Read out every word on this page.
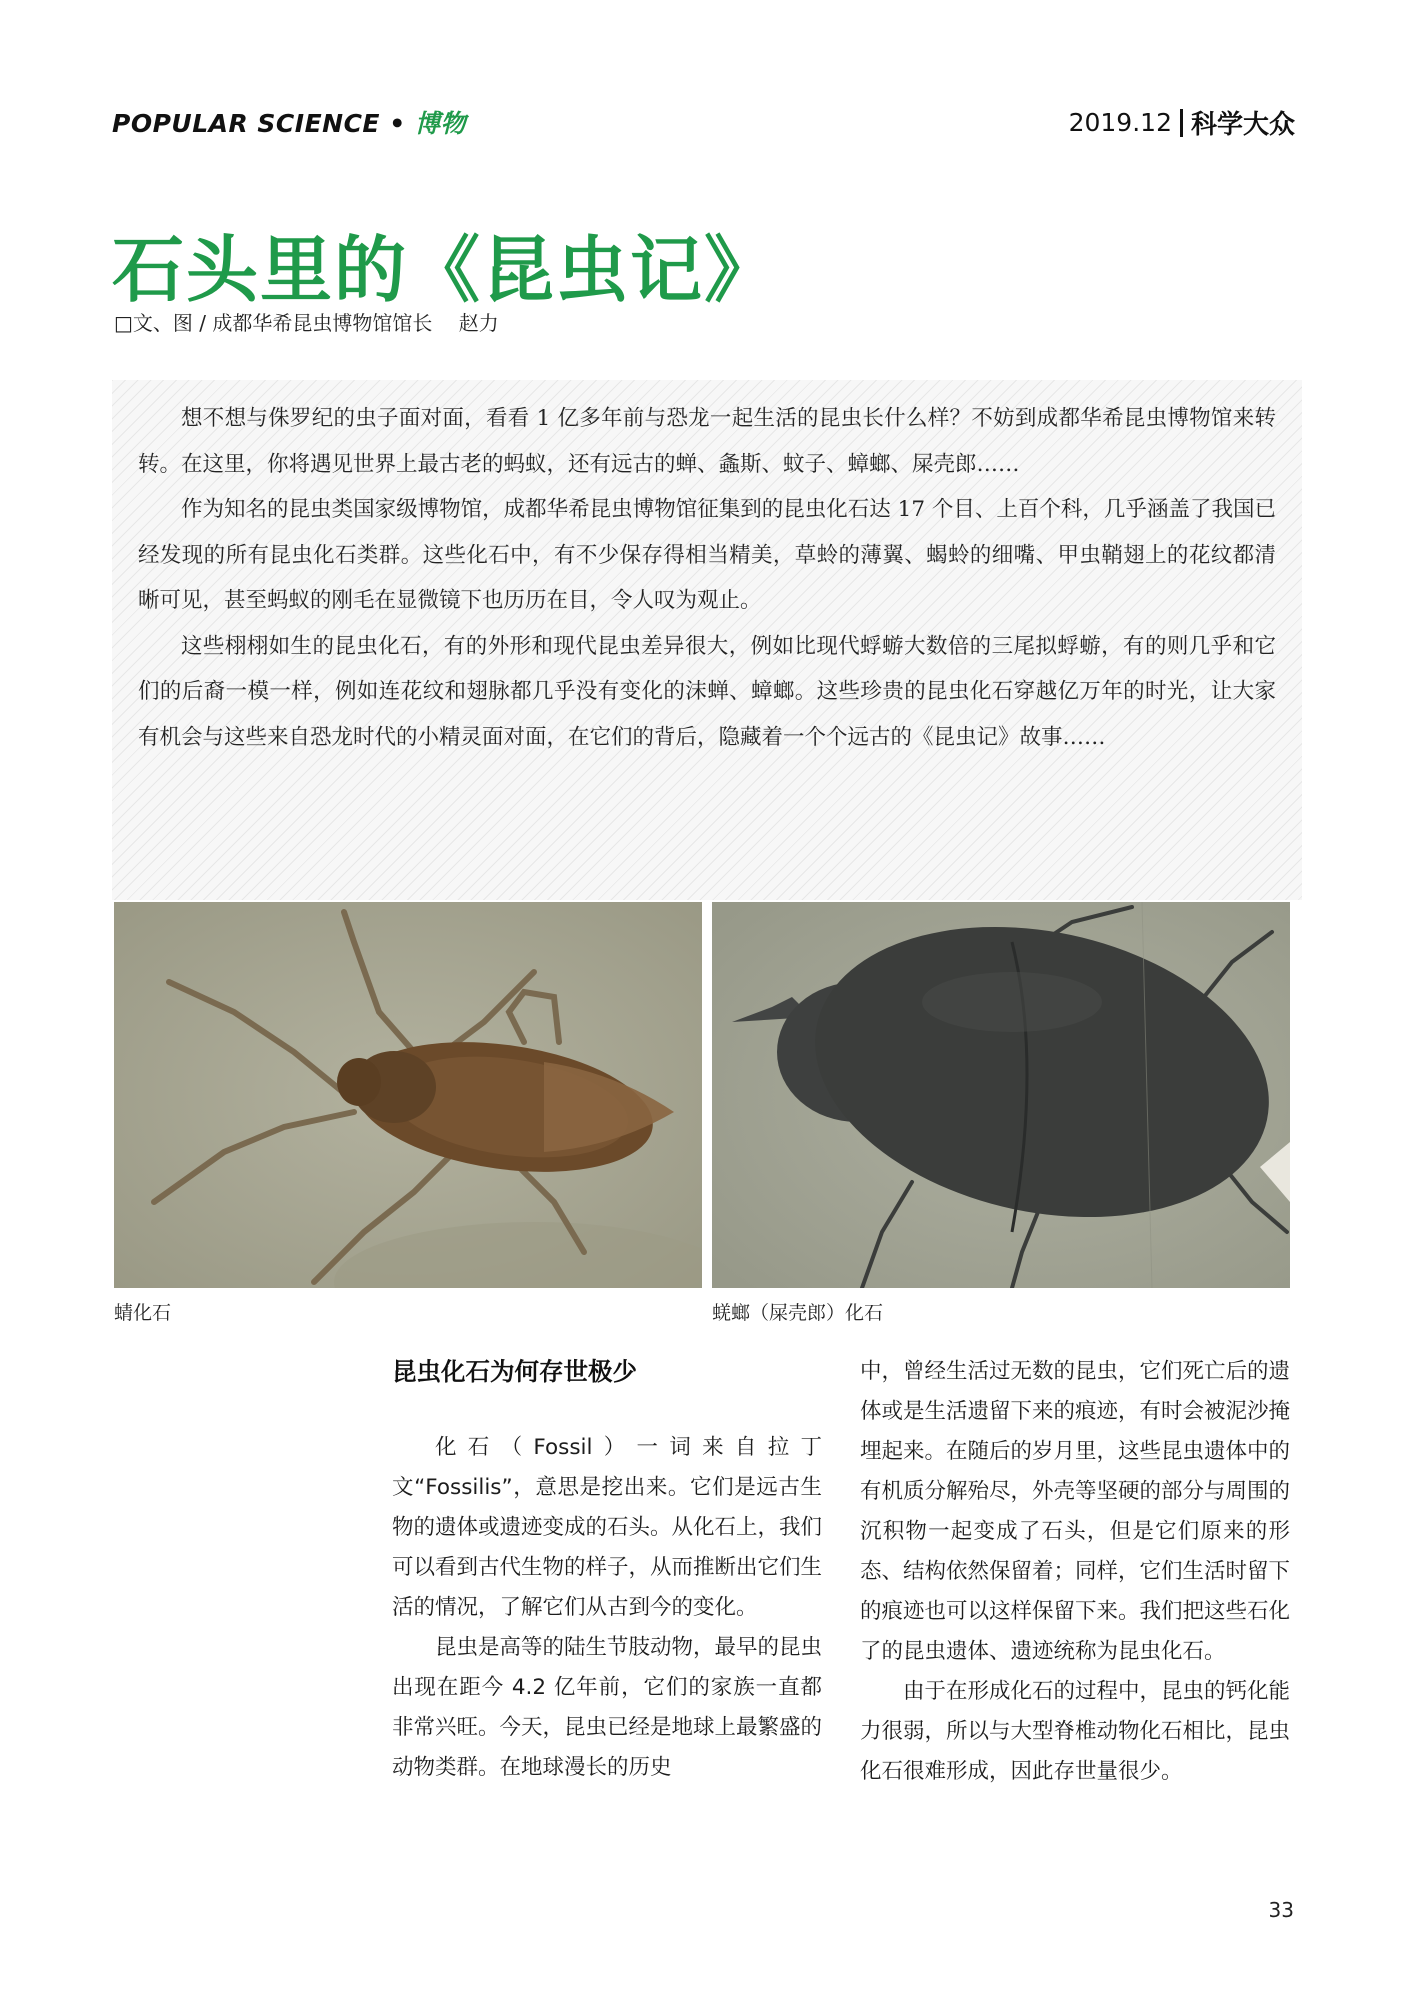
POPULAR SCIENCE • 博物	2019.12 科学大众
石头里的《昆虫记》
□文、图 / 成都华希昆虫博物馆馆长 赵力

想不想与侏罗纪的虫子面对面，看看 1 亿多年前与恐龙一起生活的昆虫长什么样？不妨到成都华希昆虫博物馆来转转。在这里，你将遇见世界上最古老的蚂蚁，还有远古的蝉、螽斯、蚊子、蟑螂、屎壳郎……

作为知名的昆虫类国家级博物馆，成都华希昆虫博物馆征集到的昆虫化石达 17 个目、上百个科，几乎涵盖了我国已经发现的所有昆虫化石类群。这些化石中，有不少保存得相当精美，草蛉的薄翼、蝎蛉的细嘴、甲虫鞘翅上的花纹都清晰可见，甚至蚂蚁的刚毛在显微镜下也历历在目，令人叹为观止。

这些栩栩如生的昆虫化石，有的外形和现代昆虫差异很大，例如比现代蜉蝣大数倍的三尾拟蜉蝣，有的则几乎和它们的后裔一模一样，例如连花纹和翅脉都几乎没有变化的沫蝉、蟑螂。这些珍贵的昆虫化石穿越亿万年的时光，让大家有机会与这些来自恐龙时代的小精灵面对面，在它们的背后，隐藏着一个个远古的《昆虫记》故事……

蜻化石	蜣螂（屎壳郎）化石
昆虫化石为何存世极少

化石（Fossil）一词来自拉丁文“Fossilis”，意思是挖出来。它们是远古生物的遗体或遗迹变成的石头。从化石上，我们可以看到古代生物的样子，从而推断出它们生活的情况，了解它们从古到今的变化。

昆虫是高等的陆生节肢动物，最早的昆虫出现在距今 4.2 亿年前，它们的家族一直都非常兴旺。今天，昆虫已经是地球上最繁盛的动物类群。在地球漫长的历史

中，曾经生活过无数的昆虫，它们死亡后的遗体或是生活遗留下来的痕迹，有时会被泥沙掩埋起来。在随后的岁月里，这些昆虫遗体中的有机质分解殆尽，外壳等坚硬的部分与周围的沉积物一起变成了石头，但是它们原来的形态、结构依然保留着；同样，它们生活时留下的痕迹也可以这样保留下来。我们把这些石化了的昆虫遗体、遗迹统称为昆虫化石。

由于在形成化石的过程中，昆虫的钙化能力很弱，所以与大型脊椎动物化石相比，昆虫化石很难形成，因此存世量很少。

33
